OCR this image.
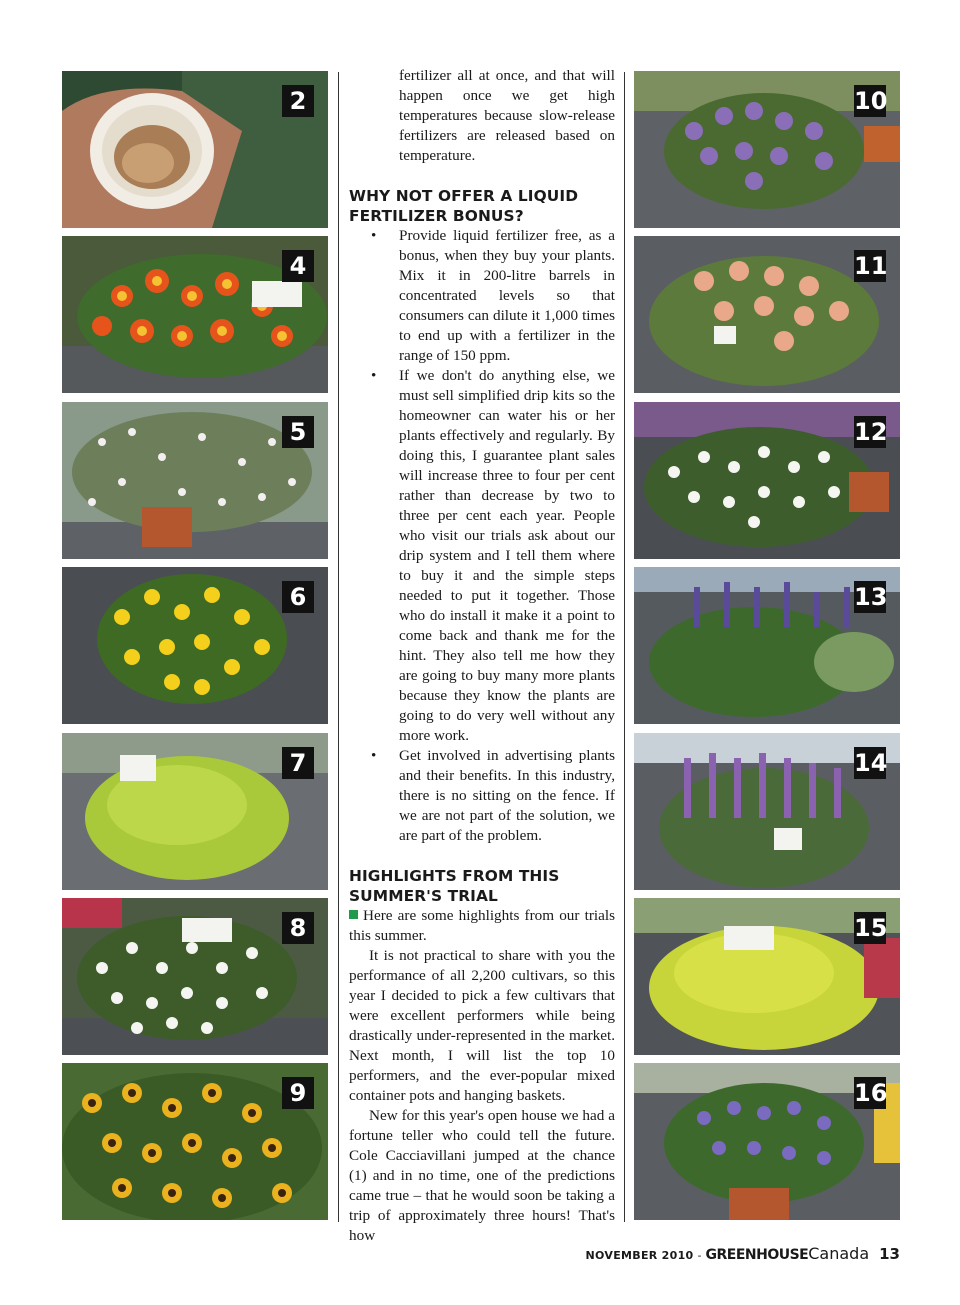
2
4
5
6
7
8
9
10
11
12
13
14
15
16

fertilizer all at once, and that will happen once we get high temperatures because slow-release fertilizers are released based on temperature.

WHY NOT OFFER A LIQUID FERTILIZER BONUS?
• Provide liquid fertilizer free, as a bonus, when they buy your plants. Mix it in 200-litre barrels in concentrated levels so that consumers can dilute it 1,000 times to end up with a fertilizer in the range of 150 ppm.
• If we don't do anything else, we must sell simplified drip kits so the homeowner can water his or her plants effectively and regularly. By doing this, I guarantee plant sales will increase three to four per cent rather than decrease by two to three per cent each year. People who visit our trials ask about our drip system and I tell them where to buy it and the simple steps needed to put it together. Those who do install it make it a point to come back and thank me for the hint. They also tell me how they are going to buy many more plants because they know the plants are going to do very well without any more work.
• Get involved in advertising plants and their benefits. In this industry, there is no sitting on the fence. If we are not part of the solution, we are part of the problem.
HIGHLIGHTS FROM THIS SUMMER'S TRIAL

Here are some highlights from our trials this summer.

It is not practical to share with you the performance of all 2,200 cultivars, so this year I decided to pick a few cultivars that were excellent performers while being drastically under-represented in the market. Next month, I will list the top 10 performers, and the ever-popular mixed container pots and hanging baskets.

New for this year's open house we had a fortune teller who could tell the future. Cole Cacciavillani jumped at the chance (1) and in no time, one of the predictions came true – that he would soon be taking a trip of approximately three hours! That's how

NOVEMBER 2010 - GREENHOUSE Canada 13
